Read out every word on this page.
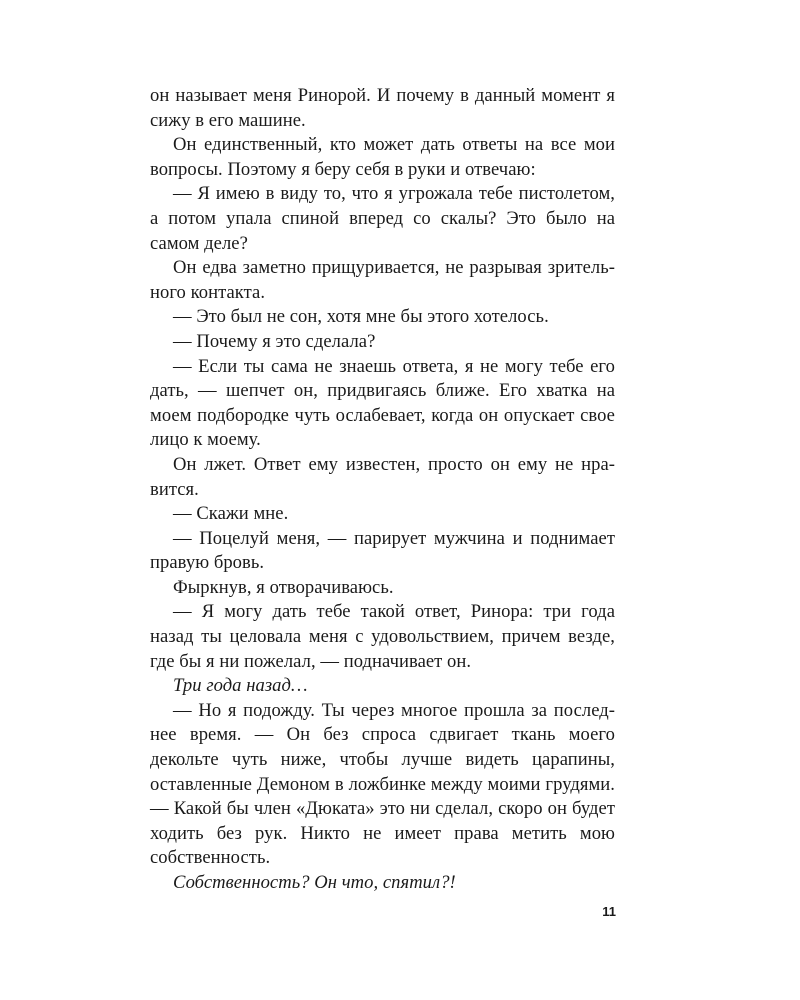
он называет меня Ринорой. И почему в данный момент я сижу в его машине.

Он единственный, кто может дать ответы на все мои вопросы. Поэтому я беру себя в руки и отвечаю:

— Я имею в виду то, что я угрожала тебе пистолетом, а потом упала спиной вперед со скалы? Это было на самом деле?

Он едва заметно прищуривается, не разрывая зрительного контакта.

— Это был не сон, хотя мне бы этого хотелось.

— Почему я это сделала?

— Если ты сама не знаешь ответа, я не могу тебе его дать, — шепчет он, придвигаясь ближе. Его хватка на моем подбородке чуть ослабевает, когда он опускает свое лицо к моему.

Он лжет. Ответ ему известен, просто он ему не нравится.

— Скажи мне.

— Поцелуй меня, — парирует мужчина и поднимает правую бровь.

Фыркнув, я отворачиваюсь.

— Я могу дать тебе такой ответ, Ринора: три года назад ты целовала меня с удовольствием, причем везде, где бы я ни пожелал, — подначивает он.

Три года назад…

— Но я подожду. Ты через многое прошла за последнее время. — Он без спроса сдвигает ткань моего декольте чуть ниже, чтобы лучше видеть царапины, оставленные Демоном в ложбинке между моими грудями. — Какой бы член «Дюката» это ни сделал, скоро он будет ходить без рук. Никто не имеет права метить мою собственность.

Собственность? Он что, спятил?!

11
